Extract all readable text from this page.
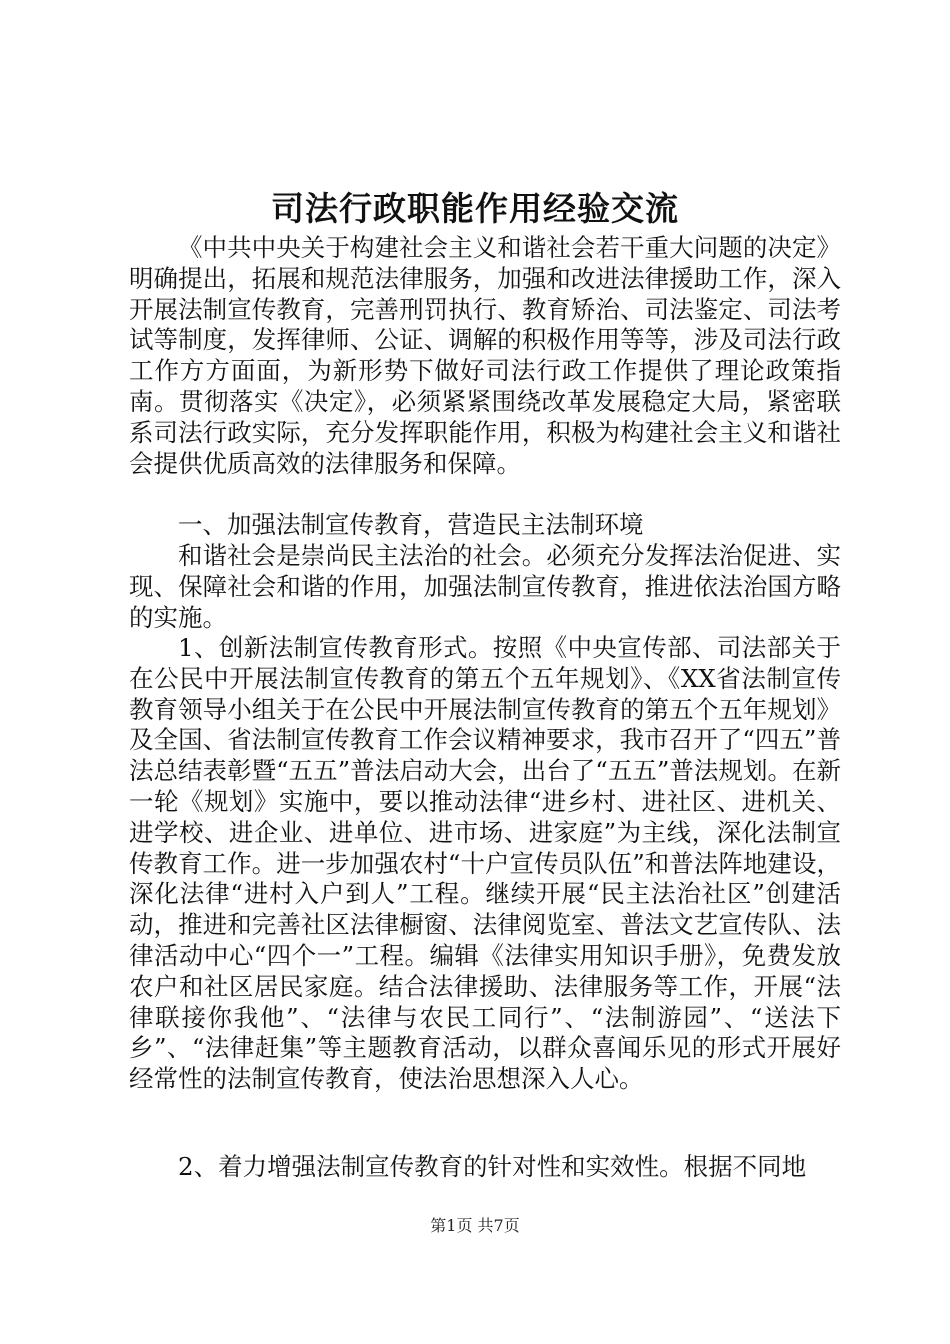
司法行政职能作用经验交流

《中共中央关于构建社会主义和谐社会若干重大问题的决定》明确提出，拓展和规范法律服务，加强和改进法律援助工作，深入开展法制宣传教育，完善刑罚执行、教育矫治、司法鉴定、司法考试等制度，发挥律师、公证、调解的积极作用等等，涉及司法行政工作方方面面，为新形势下做好司法行政工作提供了理论政策指南。贯彻落实《决定》，必须紧紧围绕改革发展稳定大局，紧密联系司法行政实际，充分发挥职能作用，积极为构建社会主义和谐社会提供优质高效的法律服务和保障。

一、加强法制宣传教育，营造民主法制环境

和谐社会是崇尚民主法治的社会。必须充分发挥法治促进、实现、保障社会和谐的作用，加强法制宣传教育，推进依法治国方略的实施。

1、创新法制宣传教育形式。按照《中央宣传部、司法部关于在公民中开展法制宣传教育的第五个五年规划》、《XX省法制宣传教育领导小组关于在公民中开展法制宣传教育的第五个五年规划》及全国、省法制宣传教育工作会议精神要求，我市召开了“四五”普法总结表彰暨“五五”普法启动大会，出台了“五五”普法规划。在新一轮《规划》实施中，要以推动法律“进乡村、进社区、进机关、进学校、进企业、进单位、进市场、进家庭”为主线，深化法制宣传教育工作。进一步加强农村“十户宣传员队伍”和普法阵地建设，深化法律“进村入户到人”工程。继续开展“民主法治社区”创建活动，推进和完善社区法律橱窗、法律阅览室、普法文艺宣传队、法律活动中心“四个一”工程。编辑《法律实用知识手册》，免费发放农户和社区居民家庭。结合法律援助、法律服务等工作，开展“法律联接你我他”、“法律与农民工同行”、“法制游园”、“送法下乡”、“法律赶集”等主题教育活动，以群众喜闻乐见的形式开展好经常性的法制宣传教育，使法治思想深入人心。

2、着力增强法制宣传教育的针对性和实效性。根据不同地

第1页 共7页
